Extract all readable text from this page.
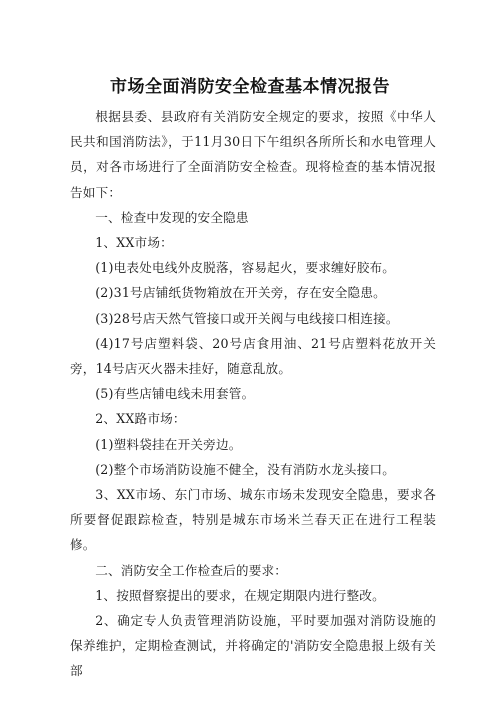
市场全面消防安全检查基本情况报告

根据县委、县政府有关消防安全规定的要求，按照《中华人民共和国消防法》，于11月30日下午组织各所所长和水电管理人员，对各市场进行了全面消防安全检查。现将检查的基本情况报告如下：

一、检查中发现的安全隐患

1、XX市场：

(1)电表处电线外皮脱落，容易起火，要求缠好胶布。

(2)31号店铺纸货物箱放在开关旁，存在安全隐患。

(3)28号店天然气管接口或开关阀与电线接口相连接。

(4)17号店塑料袋、20号店食用油、21号店塑料花放开关旁，14号店灭火器未挂好，随意乱放。

(5)有些店铺电线未用套管。

2、XX路市场：

(1)塑料袋挂在开关旁边。

(2)整个市场消防设施不健全，没有消防水龙头接口。

3、XX市场、东门市场、城东市场未发现安全隐患，要求各所要督促跟踪检查，特别是城东市场米兰春天正在进行工程装修。

二、消防安全工作检查后的要求：

1、按照督察提出的要求，在规定期限内进行整改。

2、确定专人负责管理消防设施，平时要加强对消防设施的保养维护，定期检查测试，并将确定的'消防安全隐患报上级有关部
